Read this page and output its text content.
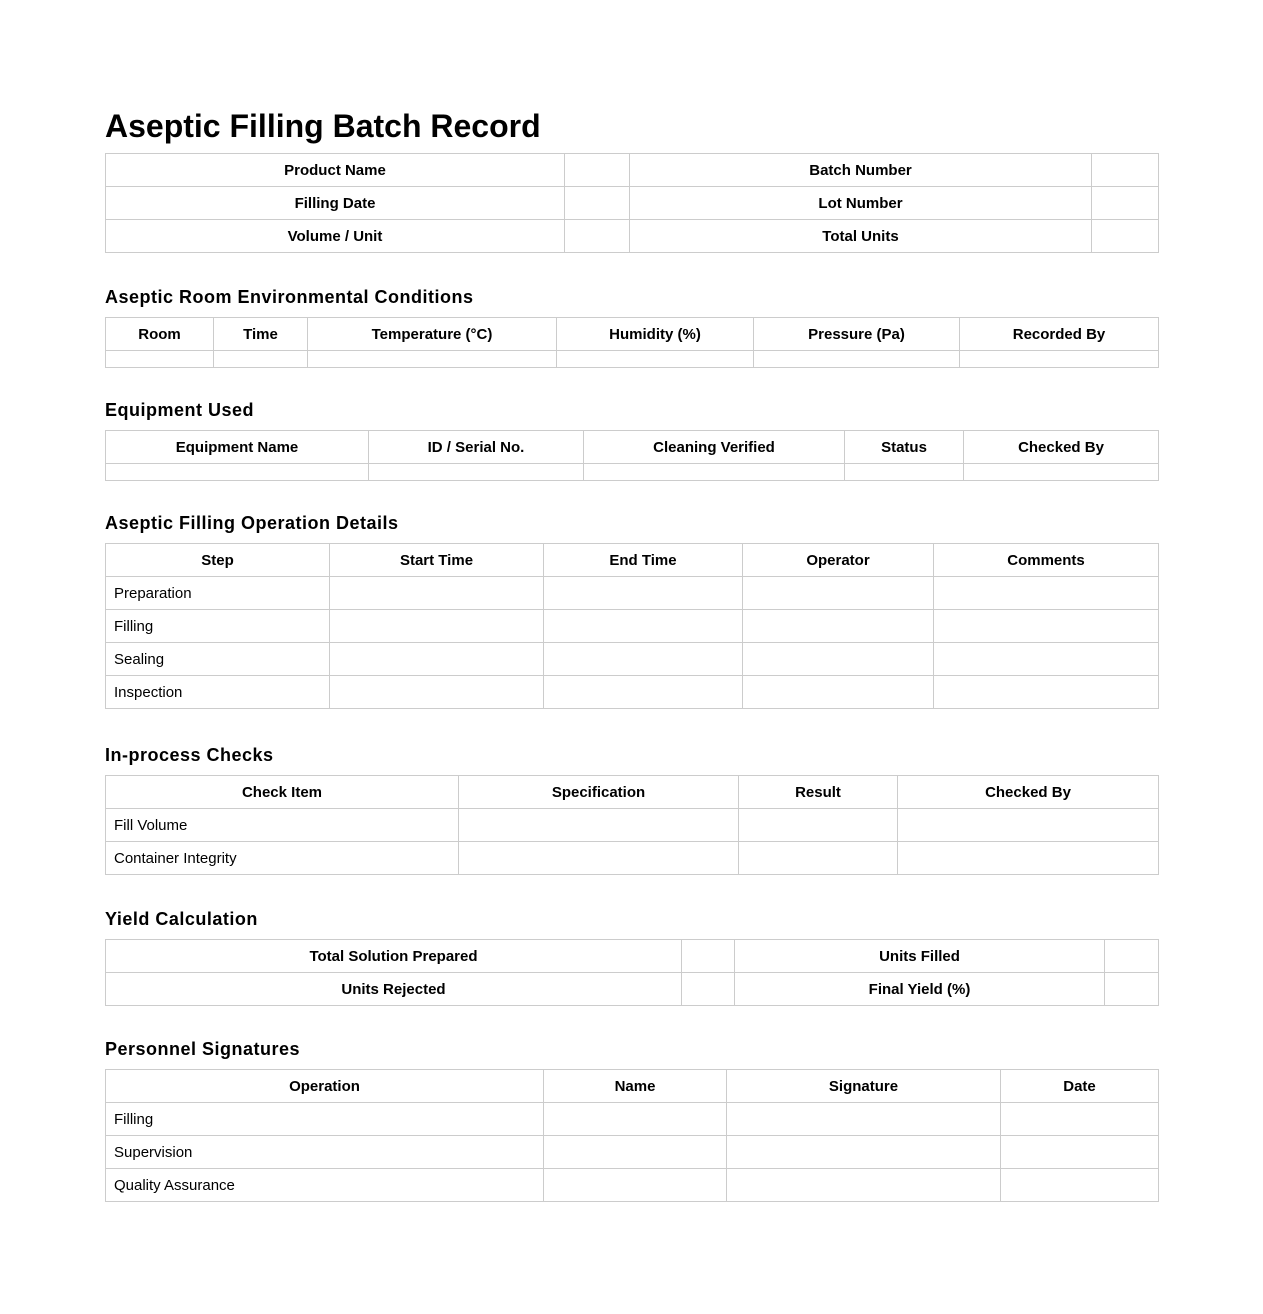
Aseptic Filling Batch Record
Product Name		Batch Number	
Filling Date		Lot Number	
Volume / Unit		Total Units	
Aseptic Room Environmental Conditions
Room	Time	Temperature (°C)	Humidity (%)	Pressure (Pa)	Recorded By

Equipment Used
Equipment Name	ID / Serial No.	Cleaning Verified	Status	Checked By

Aseptic Filling Operation Details
Step	Start Time	End Time	Operator	Comments
Preparation				
Filling				
Sealing				
Inspection				
In-process Checks
Check Item	Specification	Result	Checked By
Fill Volume			
Container Integrity			
Yield Calculation
Total Solution Prepared		Units Filled	
Units Rejected		Final Yield (%)	
Personnel Signatures
Operation	Name	Signature	Date
Filling			
Supervision			
Quality Assurance			
